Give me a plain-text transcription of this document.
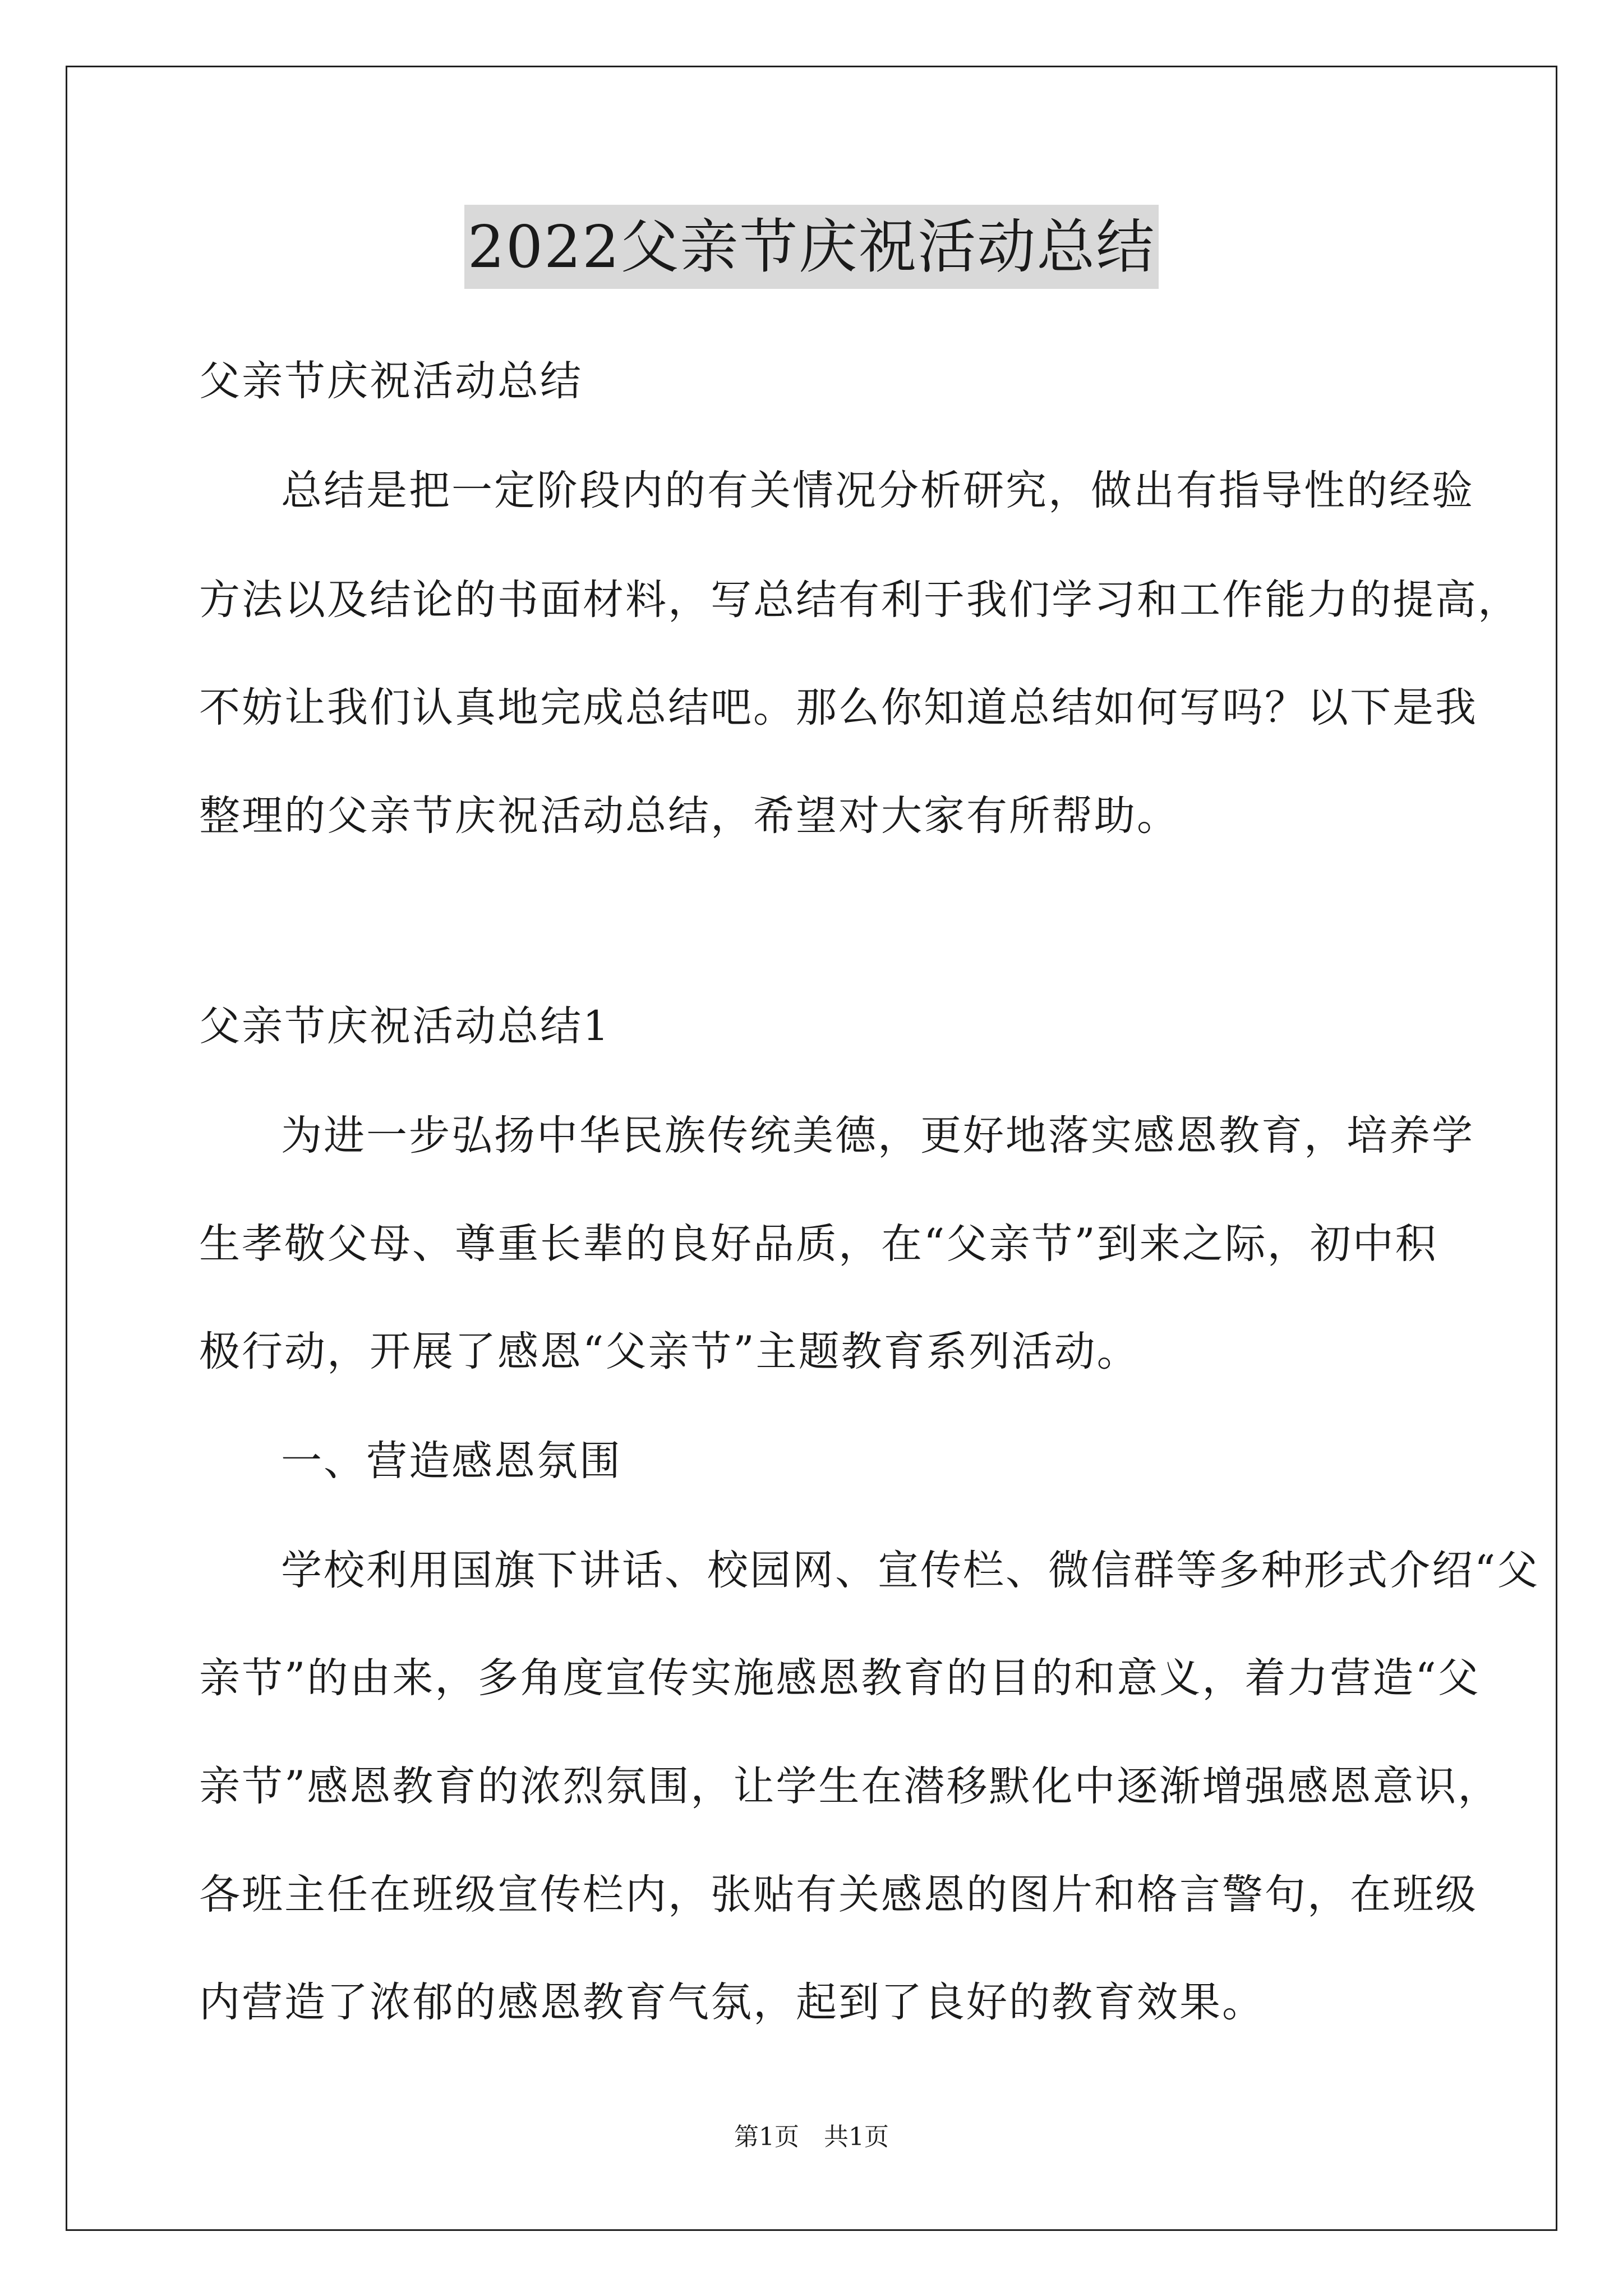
2022父亲节庆祝活动总结
父亲节庆祝活动总结
总结是把一定阶段内的有关情况分析研究，做出有指导性的经验
方法以及结论的书面材料，写总结有利于我们学习和工作能力的提高，
不妨让我们认真地完成总结吧。那么你知道总结如何写吗？以下是我
整理的父亲节庆祝活动总结，希望对大家有所帮助。
父亲节庆祝活动总结1
为进一步弘扬中华民族传统美德，更好地落实感恩教育，培养学
生孝敬父母、尊重长辈的良好品质，在“父亲节”到来之际，初中积
极行动，开展了感恩“父亲节”主题教育系列活动。
一、营造感恩氛围
学校利用国旗下讲话、校园网、宣传栏、微信群等多种形式介绍“父
亲节”的由来，多角度宣传实施感恩教育的目的和意义，着力营造“父
亲节”感恩教育的浓烈氛围，让学生在潜移默化中逐渐增强感恩意识，
各班主任在班级宣传栏内，张贴有关感恩的图片和格言警句，在班级
内营造了浓郁的感恩教育气氛，起到了良好的教育效果。
第1页　共1页
